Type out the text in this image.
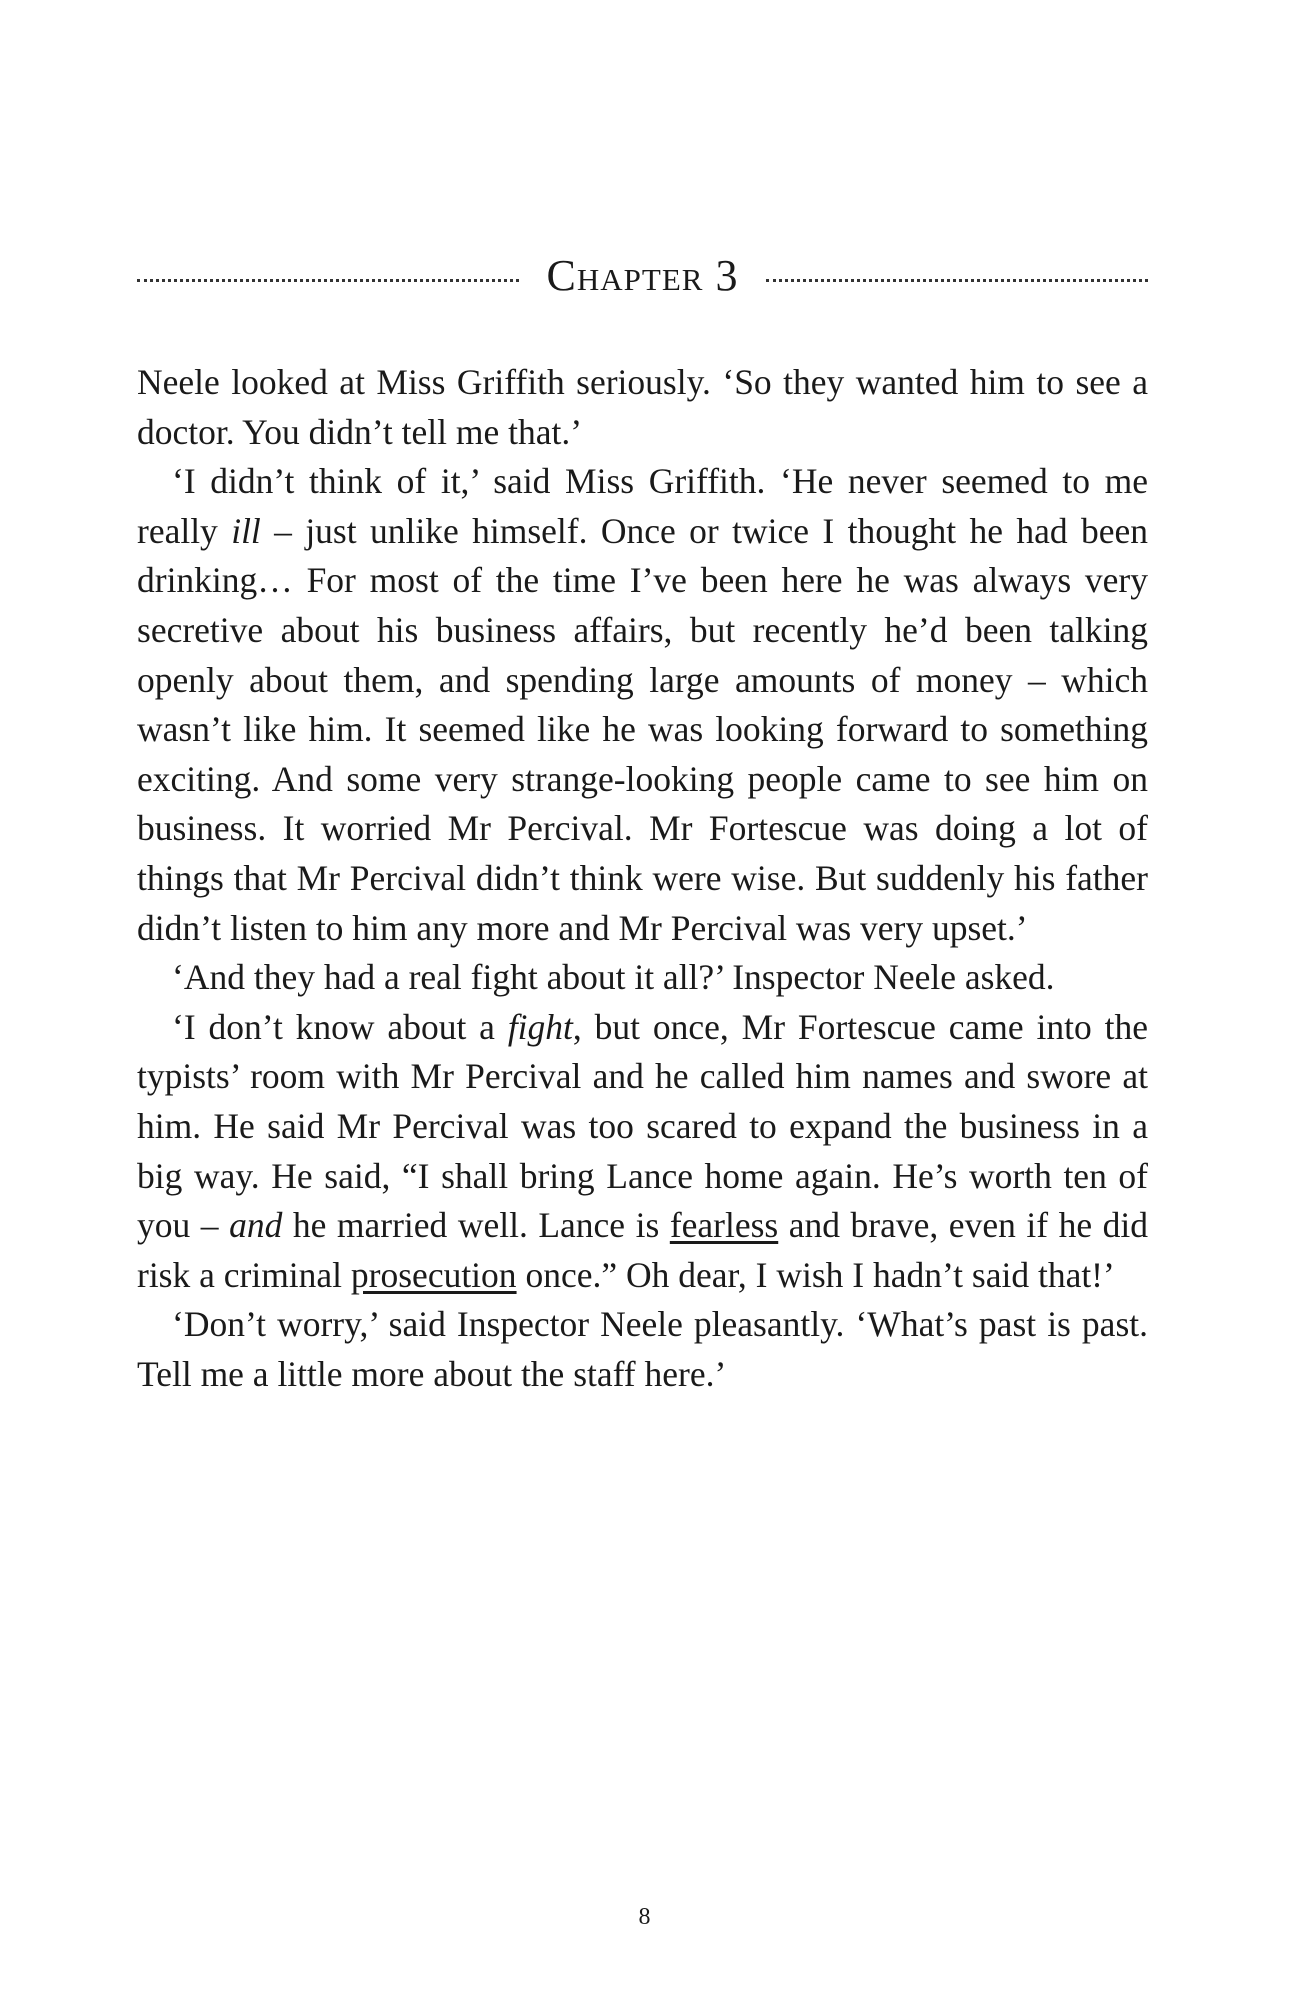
Chapter 3

Neele looked at Miss Griffith seriously. ‘So they wanted him to see a doctor. You didn’t tell me that.’

‘I didn’t think of it,’ said Miss Griffith. ‘He never seemed to me really ill – just unlike himself. Once or twice I thought he had been drinking… For most of the time I’ve been here he was always very secretive about his business affairs, but recently he’d been talking openly about them, and spending large amounts of money – which wasn’t like him. It seemed like he was looking forward to something exciting. And some very strange-looking people came to see him on business. It worried Mr Percival. Mr Fortescue was doing a lot of things that Mr Percival didn’t think were wise. But suddenly his father didn’t listen to him any more and Mr Percival was very upset.’

‘And they had a real fight about it all?’ Inspector Neele asked.

‘I don’t know about a fight, but once, Mr Fortescue came into the typists’ room with Mr Percival and he called him names and swore at him. He said Mr Percival was too scared to expand the business in a big way. He said, “I shall bring Lance home again. He’s worth ten of you – and he married well. Lance is fearless and brave, even if he did risk a criminal prosecution once.” Oh dear, I wish I hadn’t said that!’

‘Don’t worry,’ said Inspector Neele pleasantly. ‘What’s past is past. Tell me a little more about the staff here.’

8
